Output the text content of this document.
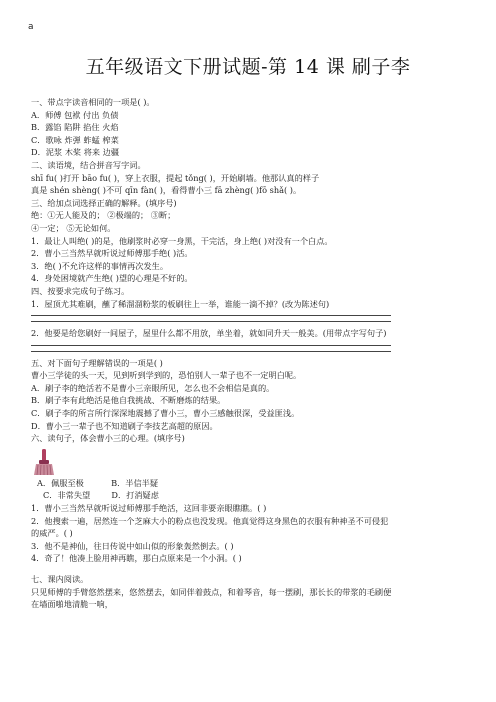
a
五年级语文下册试题-第 14 课 刷子李
一、带点字读音相同的一项是( )。
A．师傅 包袱 付出 负债
B．露馅 陷阱 掐住 火焰
C．歌咏 炸弹 蚱蜢 榨菜
D．泥浆 木桨 将来 边疆
二、读语境，结合拼音写字词。
shī fu( )打开 bāo fu( )，穿上衣服，提起 tǒng( )，开始刷墙。他那认真的样子
真是 shén shèng( )不可 qīn fàn( )，看得曹小三 fā zhèng( )fō shǎ( )。
三、给加点词选择正确的解释。(填序号)
绝：①无人能及的； ②极端的； ③断；
④一定； ⑤无论如何。
1．最让人叫绝( )的是，他刷浆时必穿一身黑，干完活，身上绝( )对没有一个白点。
2．曹小三当然早就听说过师傅那手绝( )活。
3．绝( )不允许这样的事情再次发生。
4．身处困境就产生绝( )望的心理是不好的。
四、按要求完成句子练习。
1．屋顶尤其难刷，蘸了稀溜溜粉浆的板刷往上一举，谁能一滴不掉？(改为陈述句)
2．他要是给您刷好一间屋子，屋里什么都不用放，单坐着，就如同升天一般美。(用带点字写句子)
五、对下面句子理解错误的一项是( )
曹小三学徒的头一天，见到听到学到的，恐怕别人一辈子也不一定明白呢。
A．刷子李的绝活若不是曹小三亲眼所见，怎么也不会相信是真的。
B．刷子李有此绝活是他自我挑战、不断磨炼的结果。
C．刷子李的所言所行深深地震撼了曹小三，曹小三感触很深，受益匪浅。
D．曹小三一辈子也不知道刷子李技艺高超的原因。
六、读句子，体会曹小三的心理。(填序号)
A．佩服至极	B．半信半疑
C．非常失望	D．打消疑虑
1．曹小三当然早就听说过师傅那手绝活，这回非要亲眼瞧瞧。( )
2．他搜索一遍，居然连一个芝麻大小的粉点也没发现。他真觉得这身黑色的衣服有种神圣不可侵犯
的威严。( )
3．他不是神仙，往日传说中如山似的形象轰然倒去。( )
4．奇了！他凑上脸用神再瞧，那白点原来是一个小洞。( )
七、课内阅读。
只见师傅的手臂悠然摆来，悠然摆去，如同伴着鼓点，和着琴音，每一摆刷，那长长的带浆的毛刷便
在墙面啪地清脆一响，
